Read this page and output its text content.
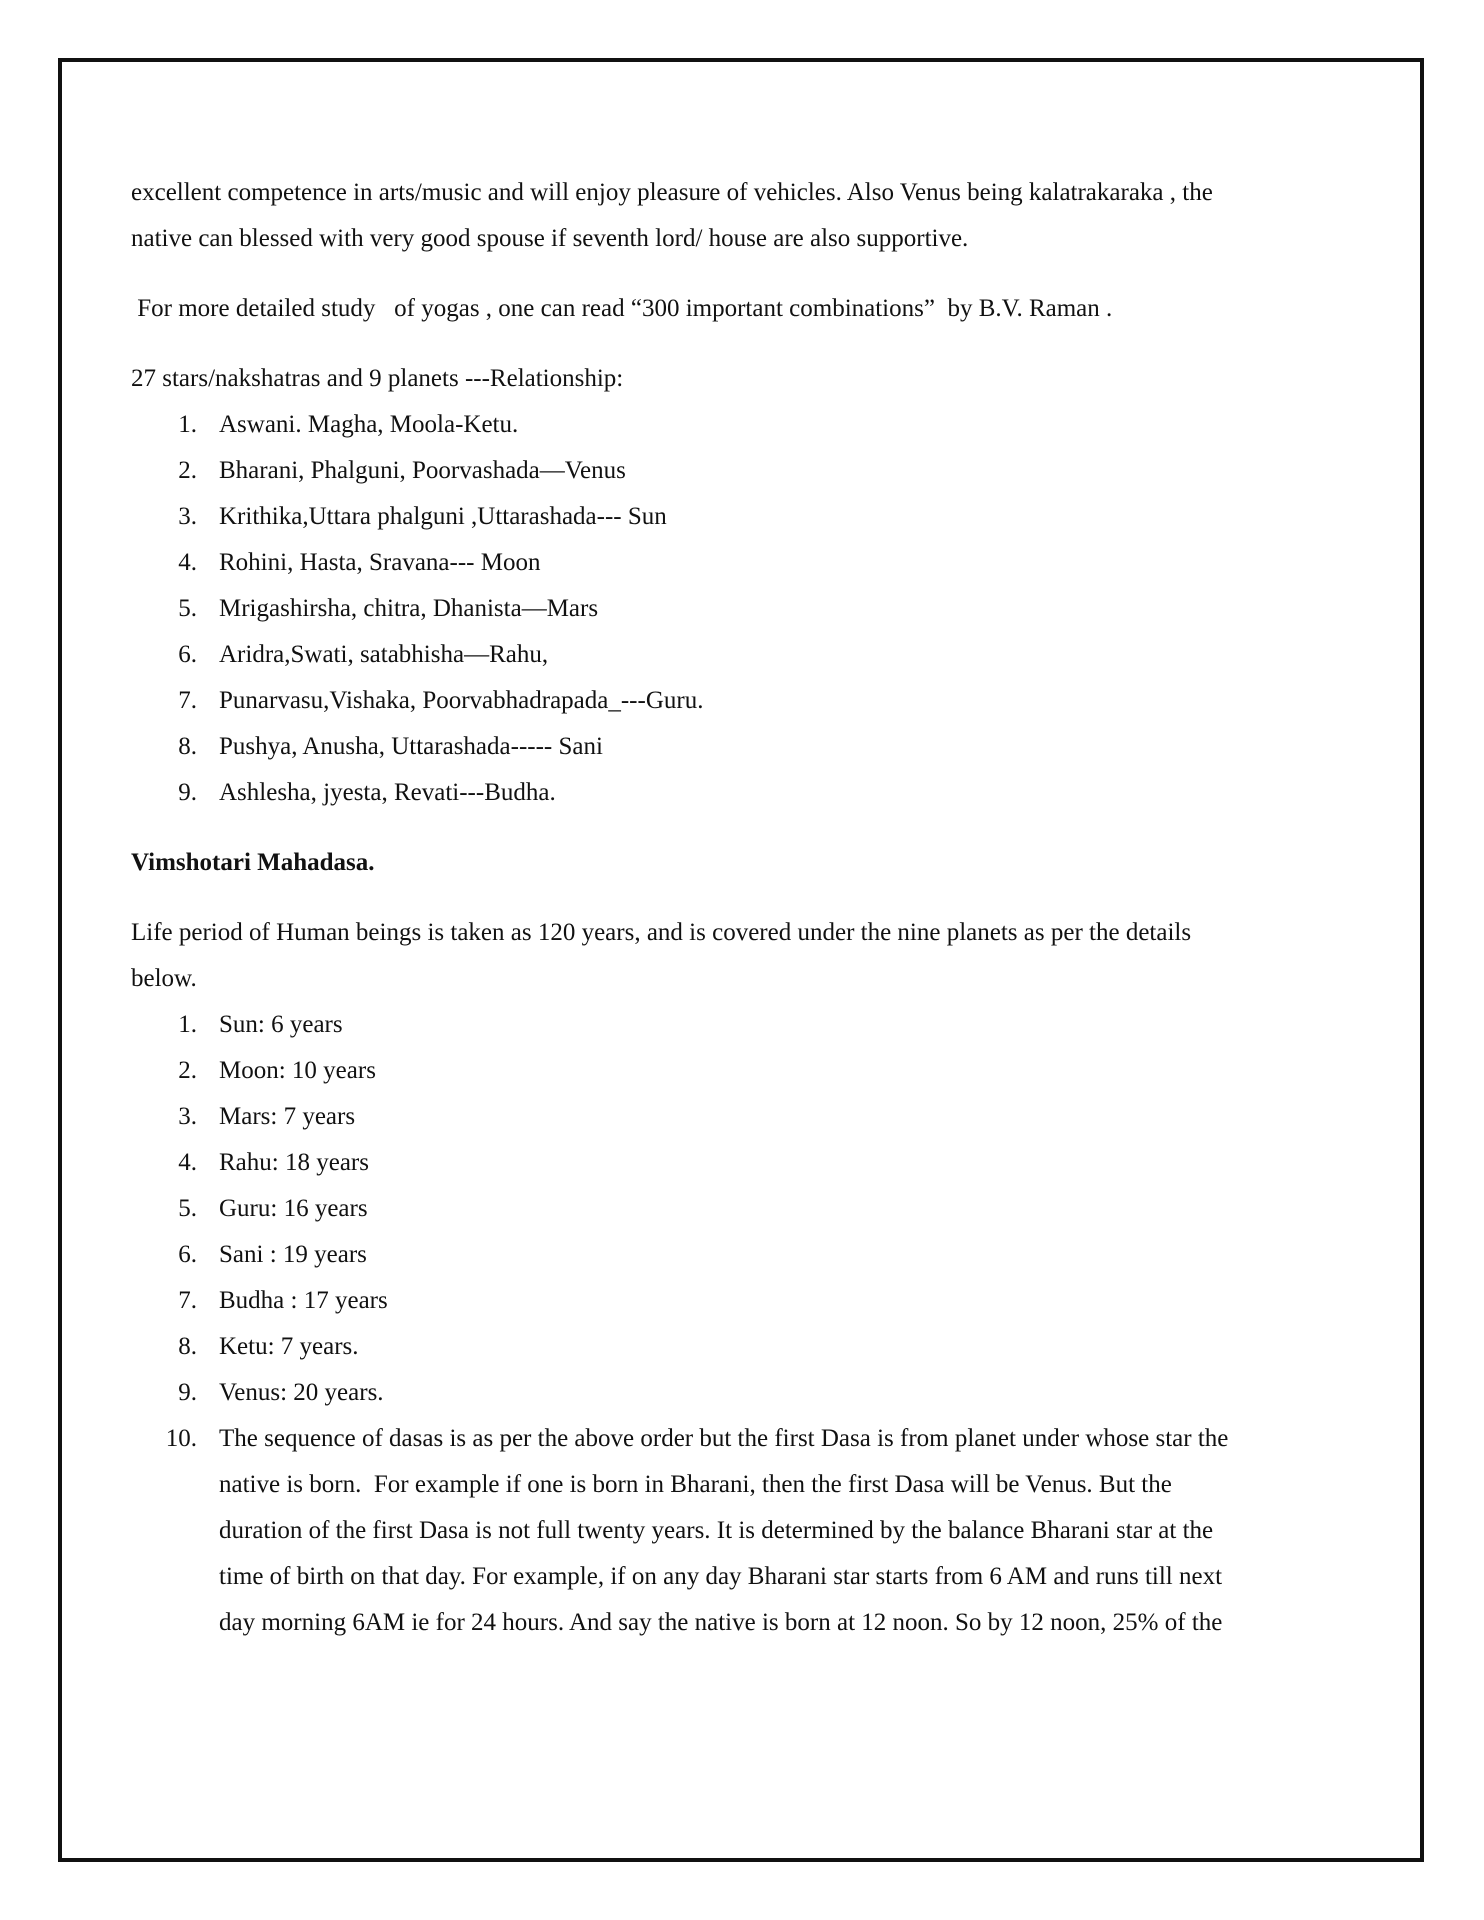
excellent competence in arts/music and will enjoy pleasure of vehicles. Also Venus being kalatrakaraka , the
native can blessed with very good spouse if seventh lord/ house are also supportive.
For more detailed study   of yogas , one can read “300 important combinations”  by B.V. Raman .
27 stars/nakshatras and 9 planets ---Relationship:
1. Aswani. Magha, Moola-Ketu.
2. Bharani, Phalguni, Poorvashada—Venus
3. Krithika,Uttara phalguni ,Uttarashada--- Sun
4. Rohini, Hasta, Sravana--- Moon
5. Mrigashirsha, chitra, Dhanista—Mars
6. Aridra,Swati, satabhisha—Rahu,
7. Punarvasu,Vishaka, Poorvabhadrapada_---Guru.
8. Pushya, Anusha, Uttarashada----- Sani
9. Ashlesha, jyesta, Revati---Budha.
Vimshotari Mahadasa.
Life period of Human beings is taken as 120 years, and is covered under the nine planets as per the details
below.
1. Sun: 6 years
2. Moon: 10 years
3. Mars: 7 years
4. Rahu: 18 years
5. Guru: 16 years
6. Sani : 19 years
7. Budha : 17 years
8. Ketu: 7 years.
9. Venus: 20 years.
10. The sequence of dasas is as per the above order but the first Dasa is from planet under whose star the
native is born.  For example if one is born in Bharani, then the first Dasa will be Venus. But the
duration of the first Dasa is not full twenty years. It is determined by the balance Bharani star at the
time of birth on that day. For example, if on any day Bharani star starts from 6 AM and runs till next
day morning 6AM ie for 24 hours. And say the native is born at 12 noon. So by 12 noon, 25% of the
